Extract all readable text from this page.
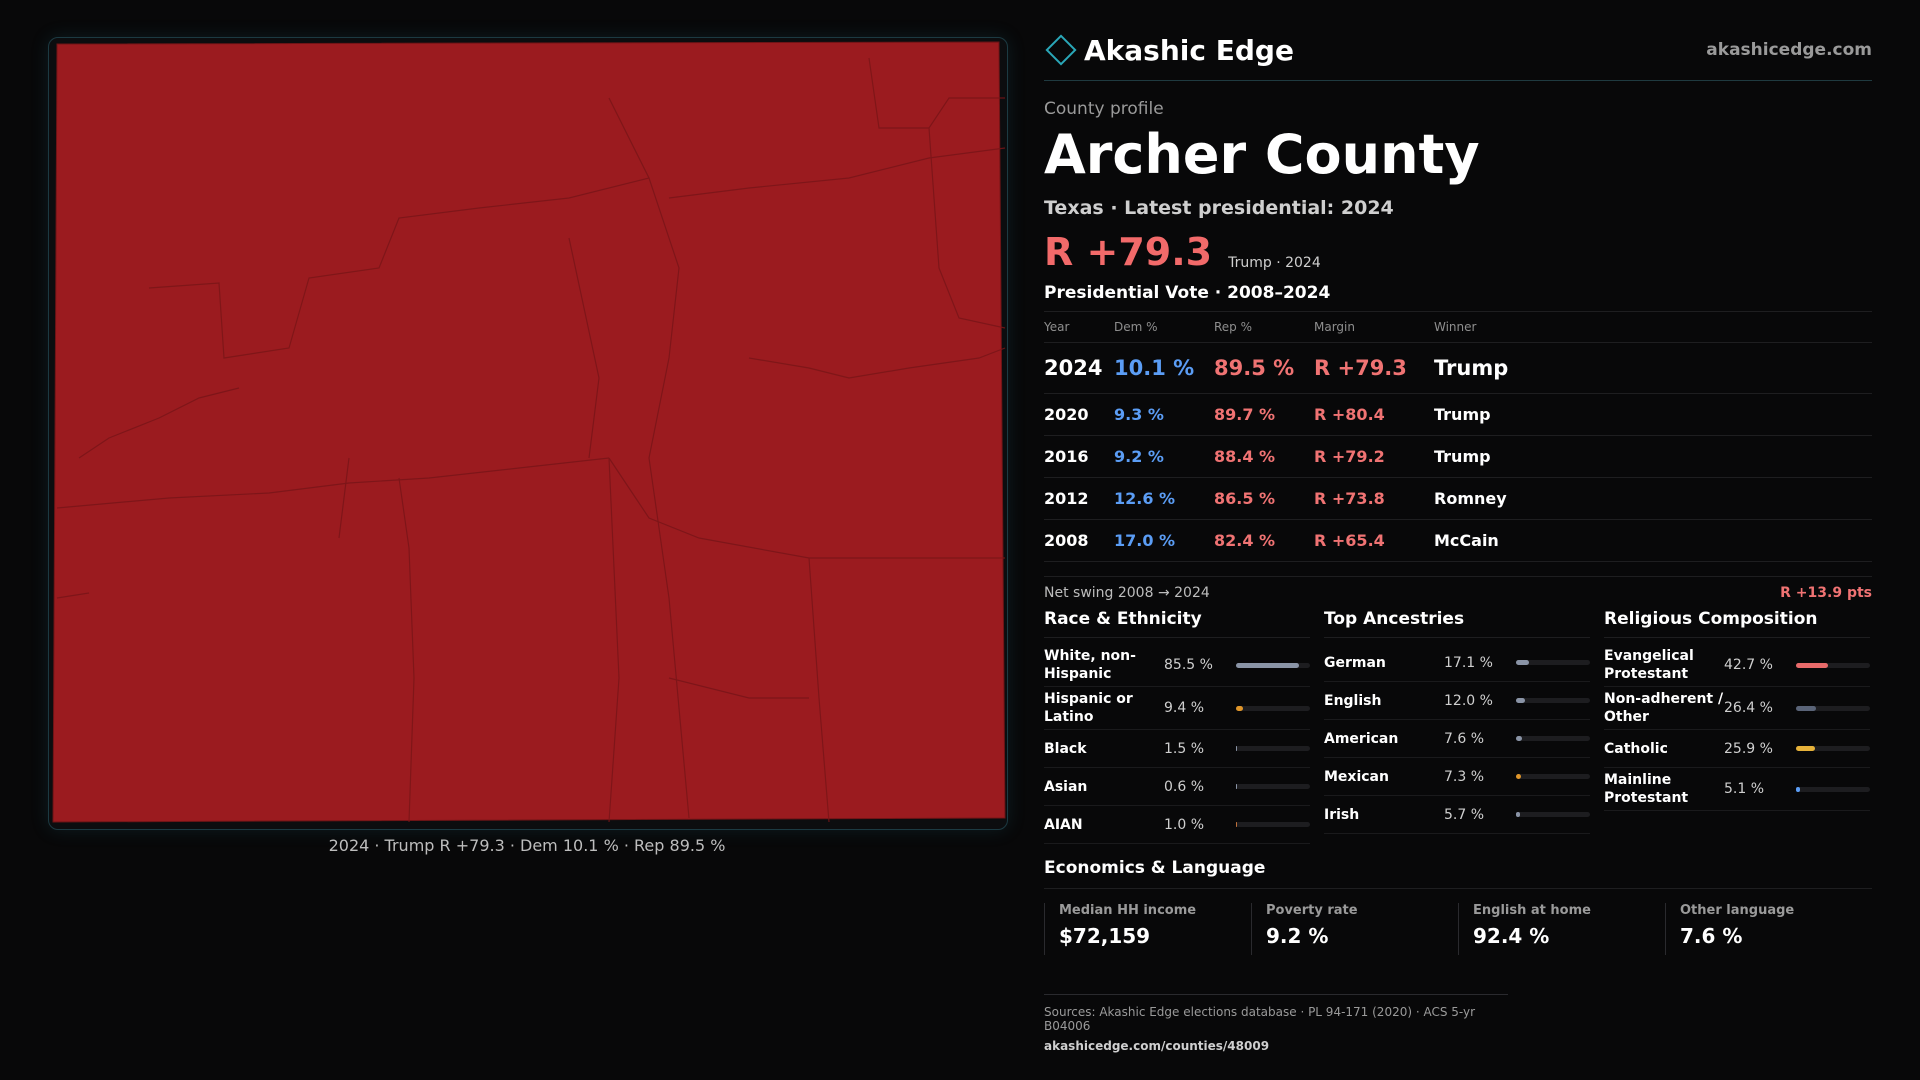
2024 · Trump R +79.3 · Dem 10.1 % · Rep 89.5 %
Akashic Edge	akashicedge.com
County profile
Archer County
Texas · Latest presidential: 2024
R +79.3 Trump · 2024
Presidential Vote · 2008–2024
Year	Dem %	Rep %	Margin	Winner
2024	10.1 %	89.5 %	R +79.3	Trump
2020	9.3 %	89.7 %	R +80.4	Trump
2016	9.2 %	88.4 %	R +79.2	Trump
2012	12.6 %	86.5 %	R +73.8	Romney
2008	17.0 %	82.4 %	R +65.4	McCain
Net swing 2008 → 2024	R +13.9 pts
Race & Ethnicity
White, non-Hispanic
85.5 %
Hispanic or Latino
9.4 %
Black	1.5 %
Asian	0.6 %
AIAN	1.0 %
Top Ancestries
German	17.1 %
English	12.0 %
American	7.6 %
Mexican	7.3 %
Irish	5.7 %
Religious Composition
Evangelical Protestant
42.7 %
Non-adherent / Other
26.4 %
Catholic	25.9 %
Mainline Protestant
5.1 %
Economics & Language
Median HH income
$72,159
Poverty rate
9.2 %
English at home
92.4 %
Other language
7.6 %
Sources: Akashic Edge elections database · PL 94-171 (2020) · ACS 5-yr B04006
akashicedge.com/counties/48009
